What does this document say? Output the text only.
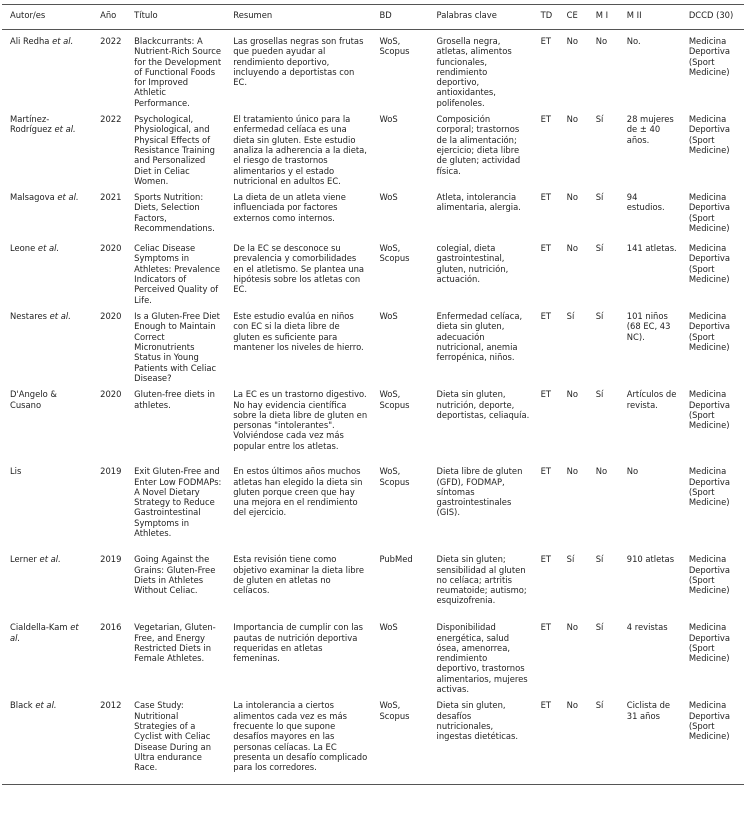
Autor/es	Año	Título	Resumen	BD	Palabras clave	TD	CE	M I	M II	DCCD (30)
Ali Redha et al.	2022	Blackcurrants: A Nutrient-Rich Source for the Development of Functional Foods for Improved Athletic Performance.	Las grosellas negras son frutas que pueden ayudar al rendimiento deportivo, incluyendo a deportistas con EC.	WoS, Scopus	Grosella negra, atletas, alimentos funcionales, rendimiento deportivo, antioxidantes, polifenoles.	ET	No	No	No.	Medicina Deportiva (Sport Medicine)
Martínez-Rodríguez et al.	2022	Psychological, Physiological, and Physical Effects of Resistance Training and Personalized Diet in Celiac Women.	El tratamiento único para la enfermedad celíaca es una dieta sin gluten. Este estudio analiza la adherencia a la dieta, el riesgo de trastornos alimentarios y el estado nutricional en adultos EC.	WoS	Composición corporal; trastornos de la alimentación; ejercicio; dieta libre de gluten; actividad física.	ET	No	Sí	28 mujeres de ± 40 años.	Medicina Deportiva (Sport Medicine)
Malsagova et al.	2021	Sports Nutrition: Diets, Selection Factors, Recommendations.	La dieta de un atleta viene influenciada por factores externos como internos.	WoS	Atleta, intolerancia alimentaria, alergia.	ET	No	Sí	94 estudios.	Medicina Deportiva (Sport Medicine)
Leone et al.	2020	Celiac Disease Symptoms in Athletes: Prevalence Indicators of Perceived Quality of Life.	De la EC se desconoce su prevalencia y comorbilidades en el atletismo. Se plantea una hipótesis sobre los atletas con EC.	WoS, Scopus	colegial, dieta gastrointestinal, gluten, nutrición, actuación.	ET	No	Sí	141 atletas.	Medicina Deportiva (Sport Medicine)
Nestares et al.	2020	Is a Gluten-Free Diet Enough to Maintain Correct Micronutrients Status in Young Patients with Celiac Disease?	Este estudio evalúa en niños con EC si la dieta libre de gluten es suficiente para mantener los niveles de hierro.	WoS	Enfermedad celíaca, dieta sin gluten, adecuación nutricional, anemia ferropénica, niños.	ET	Sí	Sí	101 niños (68 EC, 43 NC).	Medicina Deportiva (Sport Medicine)
D'Angelo & Cusano	2020	Gluten-free diets in athletes.	La EC es un trastorno digestivo. No hay evidencia científica sobre la dieta libre de gluten en personas "intolerantes". Volviéndose cada vez más popular entre los atletas.	WoS, Scopus	Dieta sin gluten, nutrición, deporte, deportistas, celiaquía.	ET	No	Sí	Artículos de revista.	Medicina Deportiva (Sport Medicine)
Lis	2019	Exit Gluten-Free and Enter Low FODMAPs: A Novel Dietary Strategy to Reduce Gastrointestinal Symptoms in Athletes.	En estos últimos años muchos atletas han elegido la dieta sin gluten porque creen que hay una mejora en el rendimiento del ejercicio.	WoS, Scopus	Dieta libre de gluten (GFD), FODMAP, síntomas gastrointestinales (GIS).	ET	No	No	No	Medicina Deportiva (Sport Medicine)
Lerner et al.	2019	Going Against the Grains: Gluten-Free Diets in Athletes Without Celiac.	Esta revisión tiene como objetivo examinar la dieta libre de gluten en atletas no celíacos.	PubMed	Dieta sin gluten; sensibilidad al gluten no celíaca; artritis reumatoide; autismo; esquizofrenia.	ET	Sí	Sí	910 atletas	Medicina Deportiva (Sport Medicine)
Cialdella-Kam et al.	2016	Vegetarian, Gluten-Free, and Energy Restricted Diets in Female Athletes.	Importancia de cumplir con las pautas de nutrición deportiva requeridas en atletas femeninas.	WoS	Disponibilidad energética, salud ósea, amenorrea, rendimiento deportivo, trastornos alimentarios, mujeres activas.	ET	No	Sí	4 revistas	Medicina Deportiva (Sport Medicine)
Black et al.	2012	Case Study: Nutritional Strategies of a Cyclist with Celiac Disease During an Ultra endurance Race.	La intolerancia a ciertos alimentos cada vez es más frecuente lo que supone desafíos mayores en las personas celíacas. La EC presenta un desafío complicado para los corredores.	WoS, Scopus	Dieta sin gluten, desafíos nutricionales, ingestas dietéticas.	ET	No	Sí	Ciclista de 31 años	Medicina Deportiva (Sport Medicine)
